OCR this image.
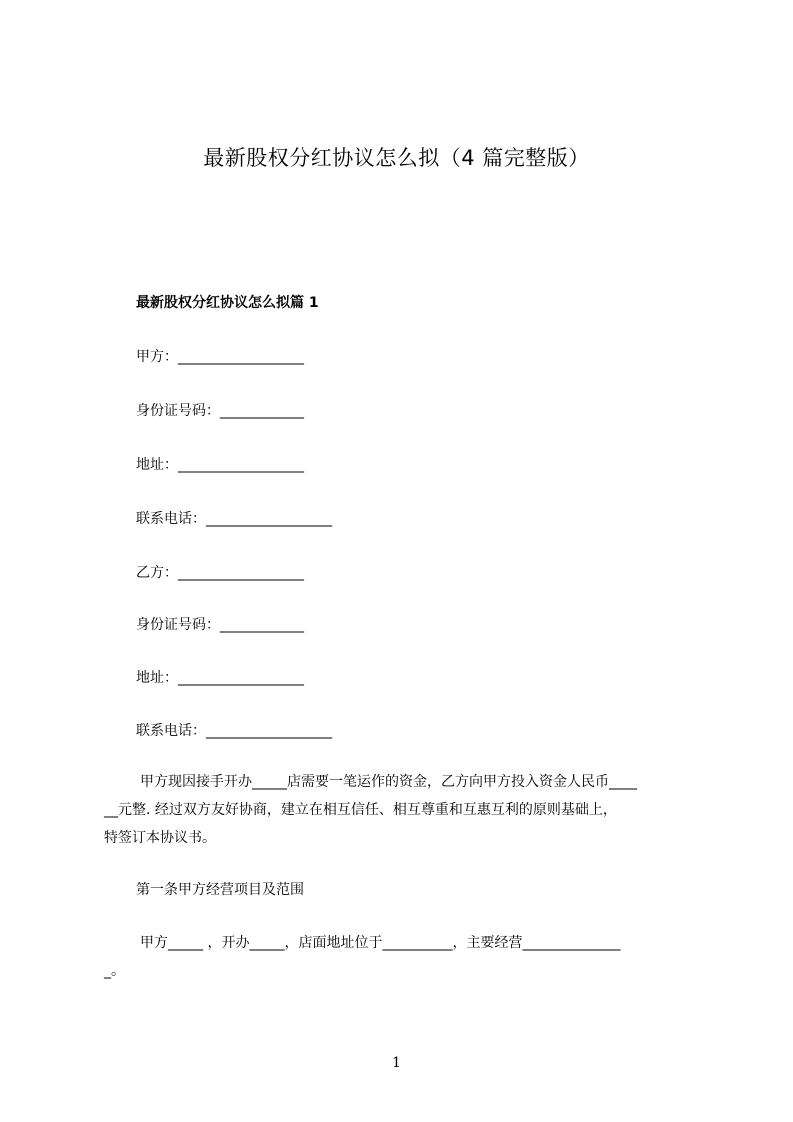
最新股权分红协议怎么拟（4 篇完整版）
最新股权分红协议怎么拟篇 1
甲方：__________________
身份证号码：____________
地址：__________________
联系电话：__________________
乙方：__________________
身份证号码：____________
地址：__________________
联系电话：__________________
甲方现因接手开办_____店需要一笔运作的资金，乙方向甲方投入资金人民币____
__元整. 经过双方友好协商，建立在相互信任、相互尊重和互惠互利的原则基础上，
特签订本协议书。
第一条甲方经营项目及范围
甲方_____ ，开办_____，店面地址位于__________，主要经营______________
_。
1
